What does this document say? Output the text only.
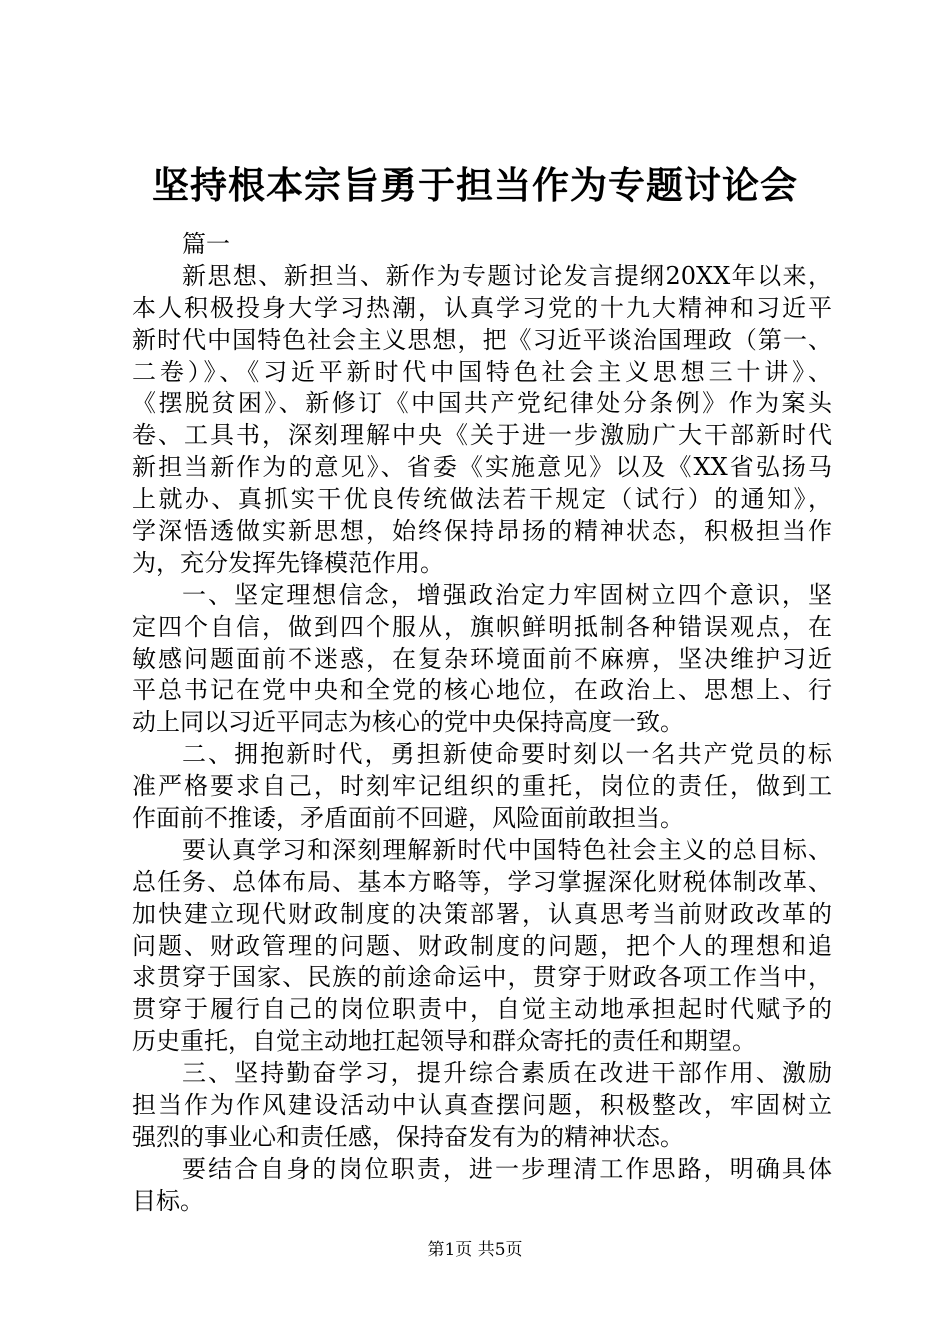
坚持根本宗旨勇于担当作为专题讨论会
篇一
新思想、新担当、新作为专题讨论发言提纲20XX年以来，
本人积极投身大学习热潮，认真学习党的十九大精神和习近平
新时代中国特色社会主义思想，把《习近平谈治国理政（第一、
二卷）》、《习近平新时代中国特色社会主义思想三十讲》、
《摆脱贫困》、新修订《中国共产党纪律处分条例》作为案头
卷、工具书，深刻理解中央《关于进一步激励广大干部新时代
新担当新作为的意见》、省委《实施意见》以及《XX省弘扬马
上就办、真抓实干优良传统做法若干规定（试行）的通知》，
学深悟透做实新思想，始终保持昂扬的精神状态，积极担当作
为，充分发挥先锋模范作用。
一、坚定理想信念，增强政治定力牢固树立四个意识，坚
定四个自信，做到四个服从，旗帜鲜明抵制各种错误观点，在
敏感问题面前不迷惑，在复杂环境面前不麻痹，坚决维护习近
平总书记在党中央和全党的核心地位，在政治上、思想上、行
动上同以习近平同志为核心的党中央保持高度一致。
二、拥抱新时代，勇担新使命要时刻以一名共产党员的标
准严格要求自己，时刻牢记组织的重托，岗位的责任，做到工
作面前不推诿，矛盾面前不回避，风险面前敢担当。
要认真学习和深刻理解新时代中国特色社会主义的总目标、
总任务、总体布局、基本方略等，学习掌握深化财税体制改革、
加快建立现代财政制度的决策部署，认真思考当前财政改革的
问题、财政管理的问题、财政制度的问题，把个人的理想和追
求贯穿于国家、民族的前途命运中，贯穿于财政各项工作当中，
贯穿于履行自己的岗位职责中，自觉主动地承担起时代赋予的
历史重托，自觉主动地扛起领导和群众寄托的责任和期望。
三、坚持勤奋学习，提升综合素质在改进干部作用、激励
担当作为作风建设活动中认真查摆问题，积极整改，牢固树立
强烈的事业心和责任感，保持奋发有为的精神状态。
要结合自身的岗位职责，进一步理清工作思路，明确具体
目标。
第1页 共5页
